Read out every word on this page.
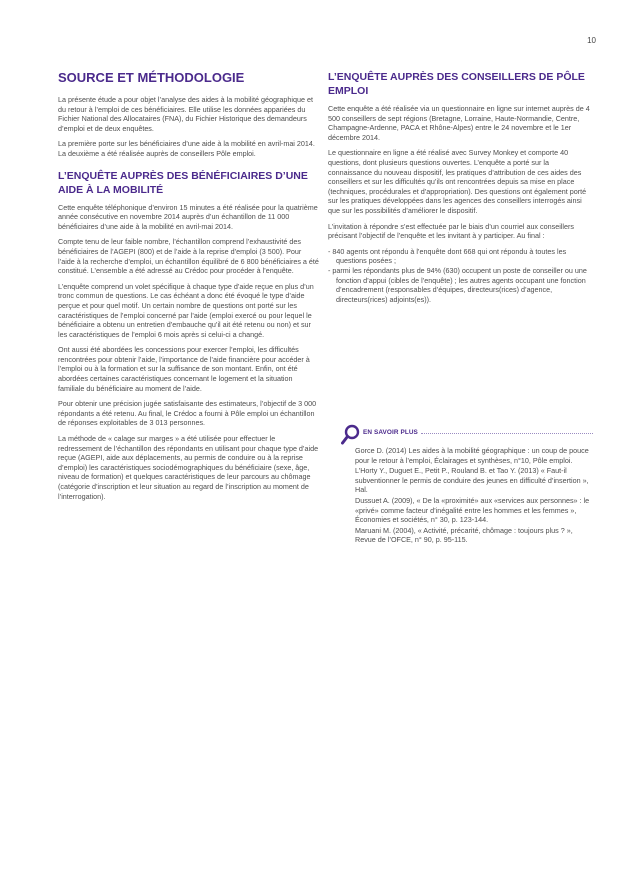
10
SOURCE ET MÉTHODOLOGIE

La présente étude a pour objet l’analyse des aides à la mobilité géographique et du retour à l’emploi de ces bénéficiaires. Elle utilise les données appariées du Fichier National des Allocataires (FNA), du Fichier Historique des demandeurs d’emploi et de deux enquêtes.

La première porte sur les bénéficiaires d’une aide à la mobilité en avril-mai 2014. La deuxième a été réalisée auprès de conseillers Pôle emploi.

L’ENQUÊTE AUPRÈS DES BÉNÉFICIAIRES D’UNE AIDE À LA MOBILITÉ

Cette enquête téléphonique d’environ 15 minutes a été réalisée pour la quatrième année consécutive en novembre 2014 auprès d’un échantillon de 11 000 bénéficiaires d’une aide à la mobilité en avril-mai 2014.

Compte tenu de leur faible nombre, l’échantillon comprend l’exhaustivité des bénéficiaires de l’AGEPI (800) et de l’aide à la reprise d’emploi (3 500). Pour l’aide à la recherche d’emploi, un échantillon équilibré de 6 800 bénéficiaires a été constitué. L’ensemble a été adressé au Crédoc pour procéder à l’enquête.

L’enquête comprend un volet spécifique à chaque type d’aide reçue en plus d’un tronc commun de questions. Le cas échéant a donc été évoqué le type d’aide perçue et pour quel motif. Un certain nombre de questions ont porté sur les caractéristiques de l’emploi concerné par l’aide (emploi exercé ou pour lequel le bénéficiaire a obtenu un entretien d’embauche qu’il ait été retenu ou non) et sur les caractéristiques de l’emploi 6 mois après si celui-ci a changé.

Ont aussi été abordées les concessions pour exercer l’emploi, les difficultés rencontrées pour obtenir l’aide, l’importance de l’aide financière pour accéder à l’emploi ou à la formation et sur la suffisance de son montant. Enfin, ont été abordées certaines caractéristiques concernant le logement et la situation familiale du bénéficiaire au moment de l’aide.

Pour obtenir une précision jugée satisfaisante des estimateurs, l’objectif de 3 000 répondants a été retenu. Au final, le Crédoc a fourni à Pôle emploi un échantillon de réponses exploitables de 3 013 personnes.

La méthode de « calage sur marges » a été utilisée pour effectuer le redressement de l’échantillon des répondants en utilisant pour chaque type d’aide reçue (AGEPI, aide aux déplacements, au permis de conduire ou à la reprise d’emploi) les caractéristiques sociodémographiques du bénéficiaire (sexe, âge, niveau de formation) et quelques caractéristiques de leur parcours au chômage (catégorie d’inscription et leur situation au regard de l’inscription au moment de l’interrogation).

L’ENQUÊTE AUPRÈS DES CONSEILLERS DE PÔLE EMPLOI

Cette enquête a été réalisée via un questionnaire en ligne sur internet auprès de 4 500 conseillers de sept régions (Bretagne, Lorraine, Haute-Normandie, Centre, Champagne-Ardenne, PACA et Rhône-Alpes) entre le 24 novembre et le 1er décembre 2014.

Le questionnaire en ligne a été réalisé avec Survey Monkey et comporte 40 questions, dont plusieurs questions ouvertes. L’enquête a porté sur la connaissance du nouveau dispositif, les pratiques d’attribution de ces aides des conseillers et sur les difficultés qu’ils ont rencontrées depuis sa mise en place (techniques, procédurales et d’appropriation). Des questions ont également porté sur les pratiques développées dans les agences des conseillers interrogés ainsi que sur les possibilités d’améliorer le dispositif.

L’invitation à répondre s’est effectuée par le biais d’un courriel aux conseillers précisant l’objectif de l’enquête et les invitant à y participer. Au final :

- 840 agents ont répondu à l’enquête dont 668 qui ont répondu à toutes les questions posées ;
- parmi les répondants plus de 94% (630) occupent un poste de conseiller ou une fonction d’appui (cibles de l’enquête) ; les autres agents occupant une fonction d’encadrement (responsables d’équipes, directeurs(rices) d’agence, directeurs(rices) adjoints(es)).
EN SAVOIR PLUS

Gorce D. (2014) Les aides à la mobilité géographique : un coup de pouce pour le retour à l’emploi, Éclairages et synthèses, n°10, Pôle emploi.

L’Horty Y., Duguet E., Petit P., Rouland B. et Tao Y. (2013) « Faut-il subventionner le permis de conduire des jeunes en difficulté d’insertion », Hal.

Dussuet A. (2009), « De la «proximité» aux «services aux personnes» : le «privé» comme facteur d’inégalité entre les hommes et les femmes », Économies et sociétés, n° 30, p. 123-144.

Maruani M. (2004), « Activité, précarité, chômage : toujours plus ? », Revue de l’OFCE, n° 90, p. 95-115.
